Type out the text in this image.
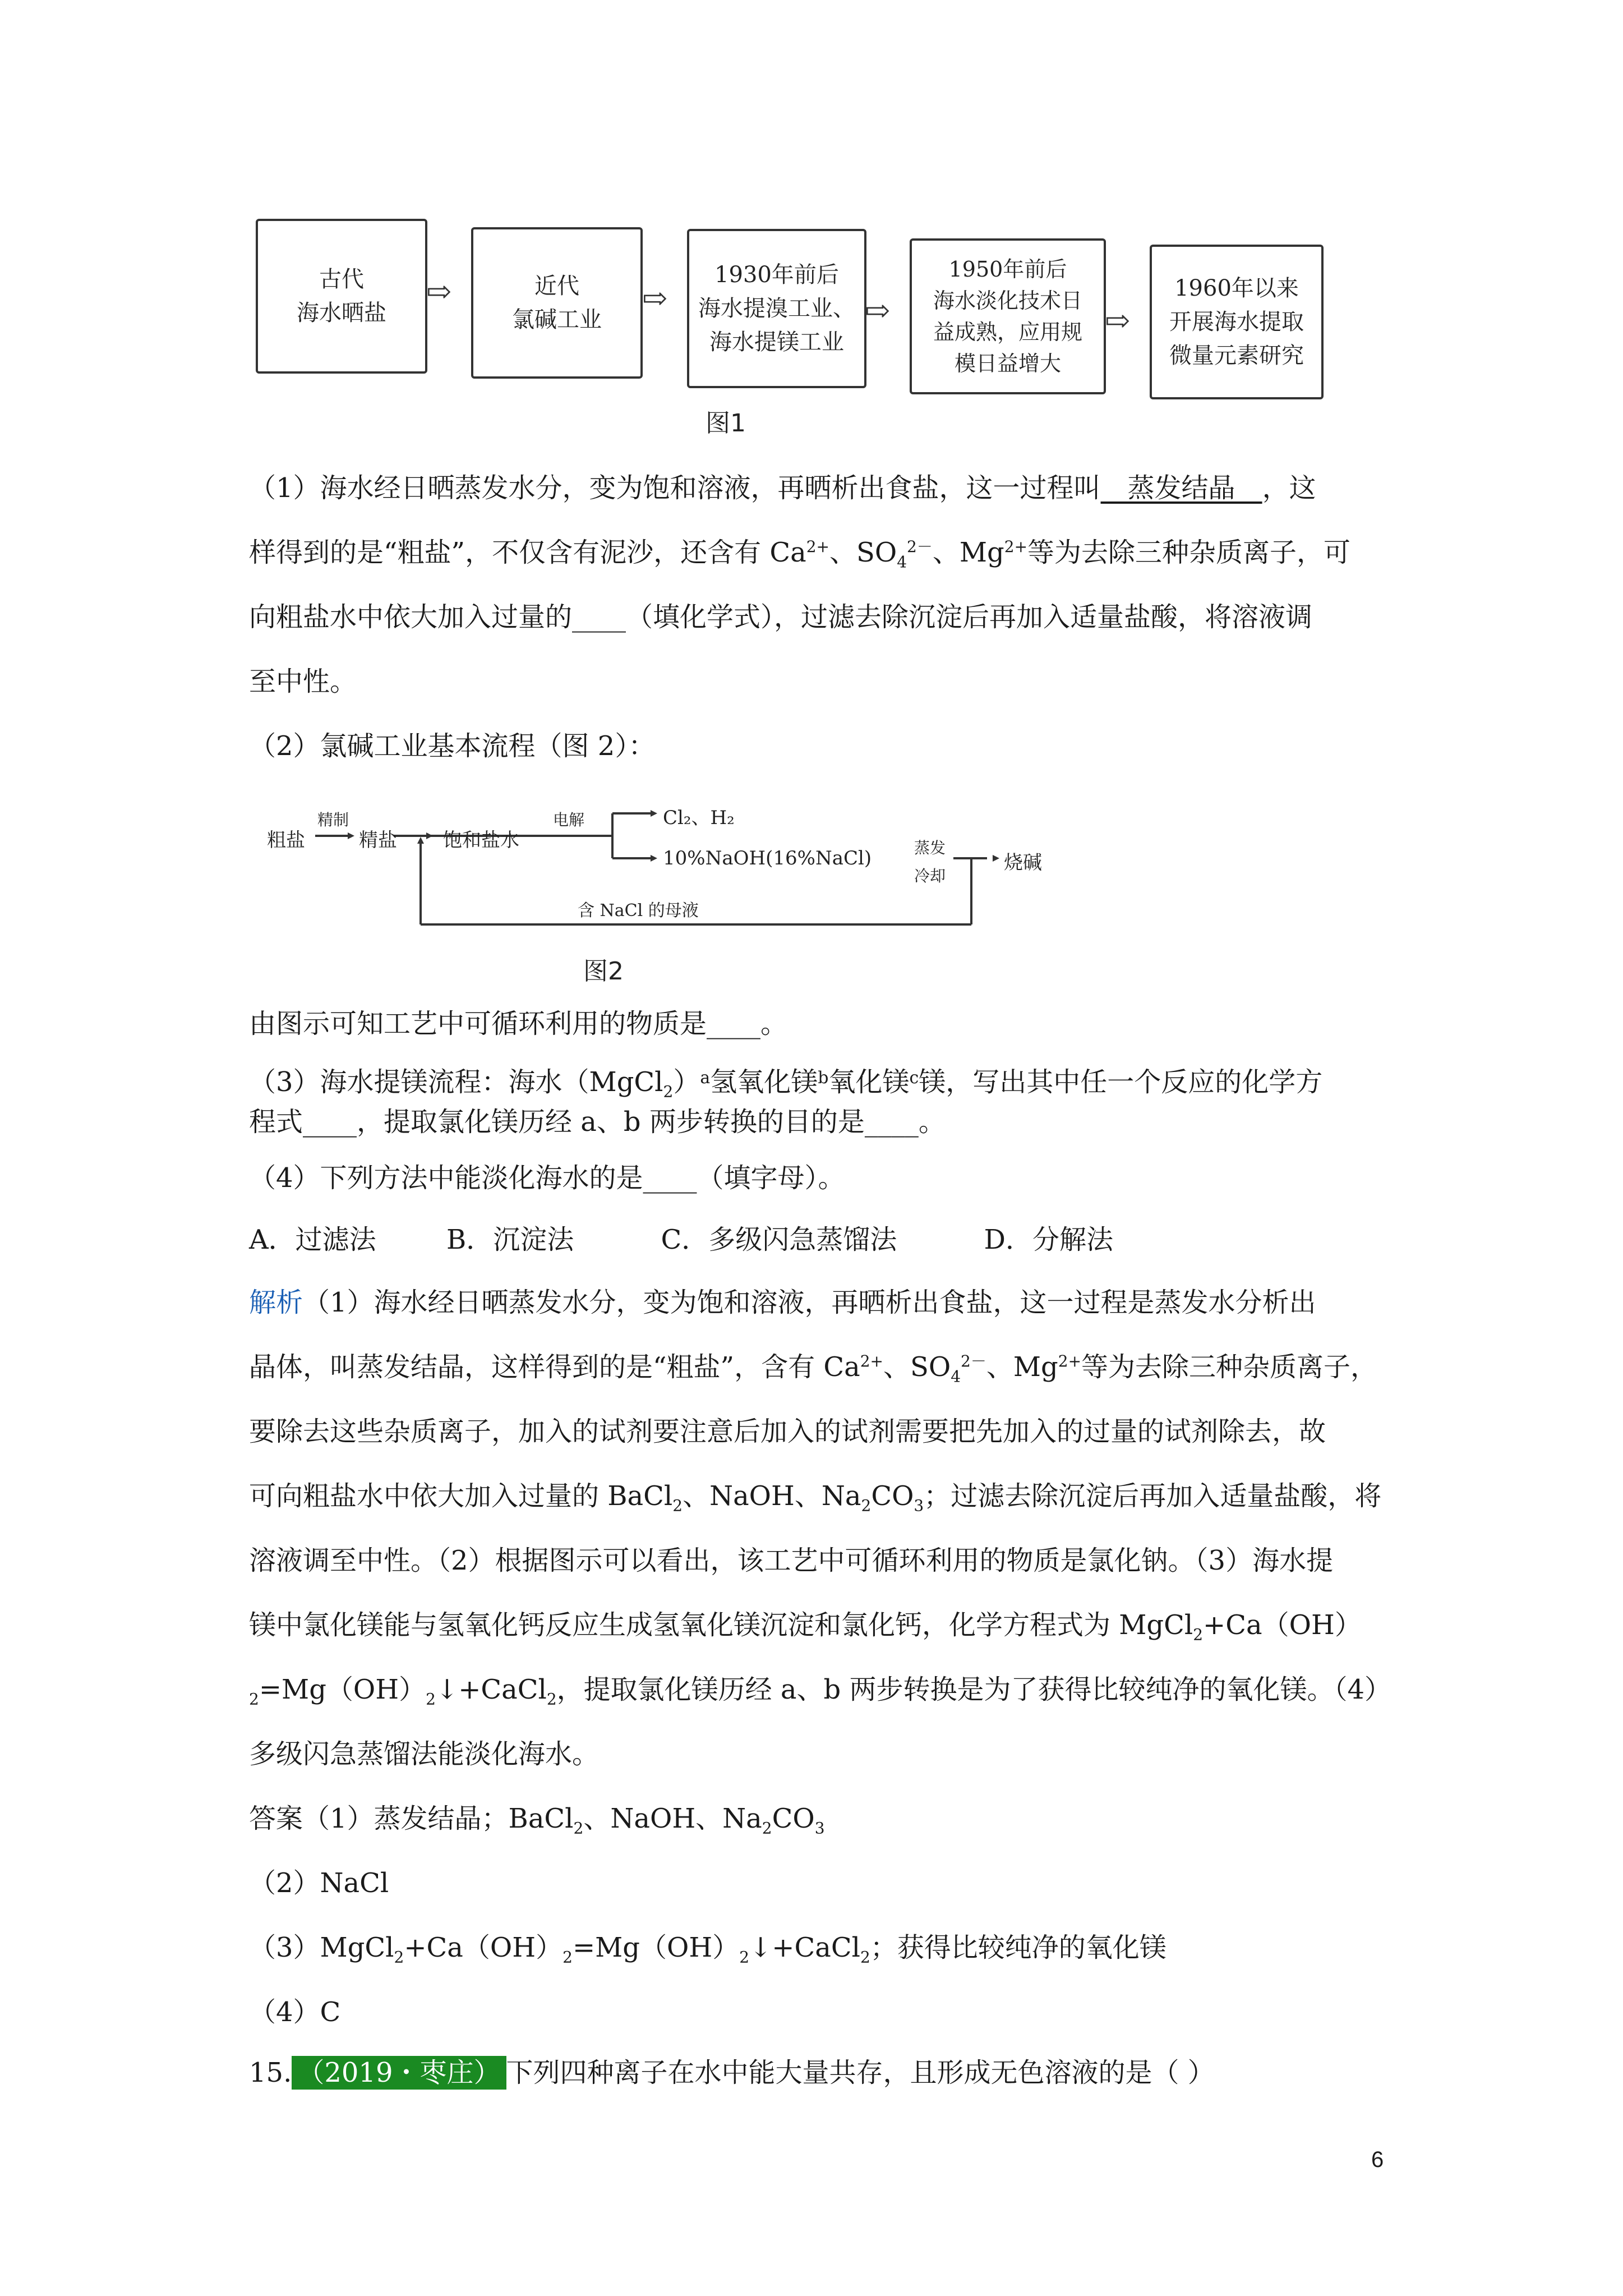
古代
海水晒盐
⇨	近代
氯碱工业
⇨
1930年前后
海水提溴工业、
海水提镁工业
⇨
1950年前后
海水淡化技术日
益成熟，应用规
模日益增大
⇨
1960年以来
开展海水提取
微量元素研究
图1
（1）海水经日晒蒸发水分，变为饱和溶液，再晒析出食盐，这一过程叫　蒸发结晶　，这
样得到的是“粗盐”，不仅含有泥沙，还含有 $Ca^{2+}$、$SO_4^{2-}$、$Mg^{2+}$等为去除三种杂质离子，可
向粗盐水中依大加入过量的____（填化学式），过滤去除沉淀后再加入适量盐酸，将溶液调
至中性。
（2）氯碱工业基本流程（图 2）：
粗盐
精制
精盐 饱和盐水
电解	Cl₂、H₂
10%NaOH(16%NaCl)	蒸发
冷却
烧碱
含 NaCl 的母液
图2
由图示可知工艺中可循环利用的物质是____。
（3）海水提镁流程：海水（MgCl$_2$）$^a$氢氧化镁$^b$氧化镁$^c$镁，写出其中任一个反应的化学方
程式____，提取氯化镁历经 a、b 两步转换的目的是____。
（4）下列方法中能淡化海水的是____（填字母）。
A．过滤法	B．沉淀法	C．多级闪急蒸馏法	D．分解法
解析（1）海水经日晒蒸发水分，变为饱和溶液，再晒析出食盐，这一过程是蒸发水分析出
晶体，叫蒸发结晶，这样得到的是“粗盐”，含有 $Ca^{2+}$、$SO_4^{2-}$、$Mg^{2+}$等为去除三种杂质离子，
要除去这些杂质离子，加入的试剂要注意后加入的试剂需要把先加入的过量的试剂除去，故
可向粗盐水中依大加入过量的 BaCl$_2$、NaOH、$Na_2CO_3$；过滤去除沉淀后再加入适量盐酸，将
溶液调至中性。（2）根据图示可以看出，该工艺中可循环利用的物质是氯化钠。（3）海水提
镁中氯化镁能与氢氧化钙反应生成氢氧化镁沉淀和氯化钙，化学方程式为 MgCl$_2$+Ca（OH）
$_2=Mg(OH)_2↓+CaCl_2$，提取氯化镁历经 a、b 两步转换是为了获得比较纯净的氧化镁。（4）
多级闪急蒸馏法能淡化海水。
答案（1）蒸发结晶；BaCl$_2$、NaOH、$Na_2CO_3$
（2）NaCl
$(3)MgCl_2+Ca(OH)_2=Mg(OH)_2↓+CaCl_2$；获得比较纯净的氧化镁
（4）C
15. （2019・枣庄） 下列四种离子在水中能大量共存，且形成无色溶液的是（ ）
6
